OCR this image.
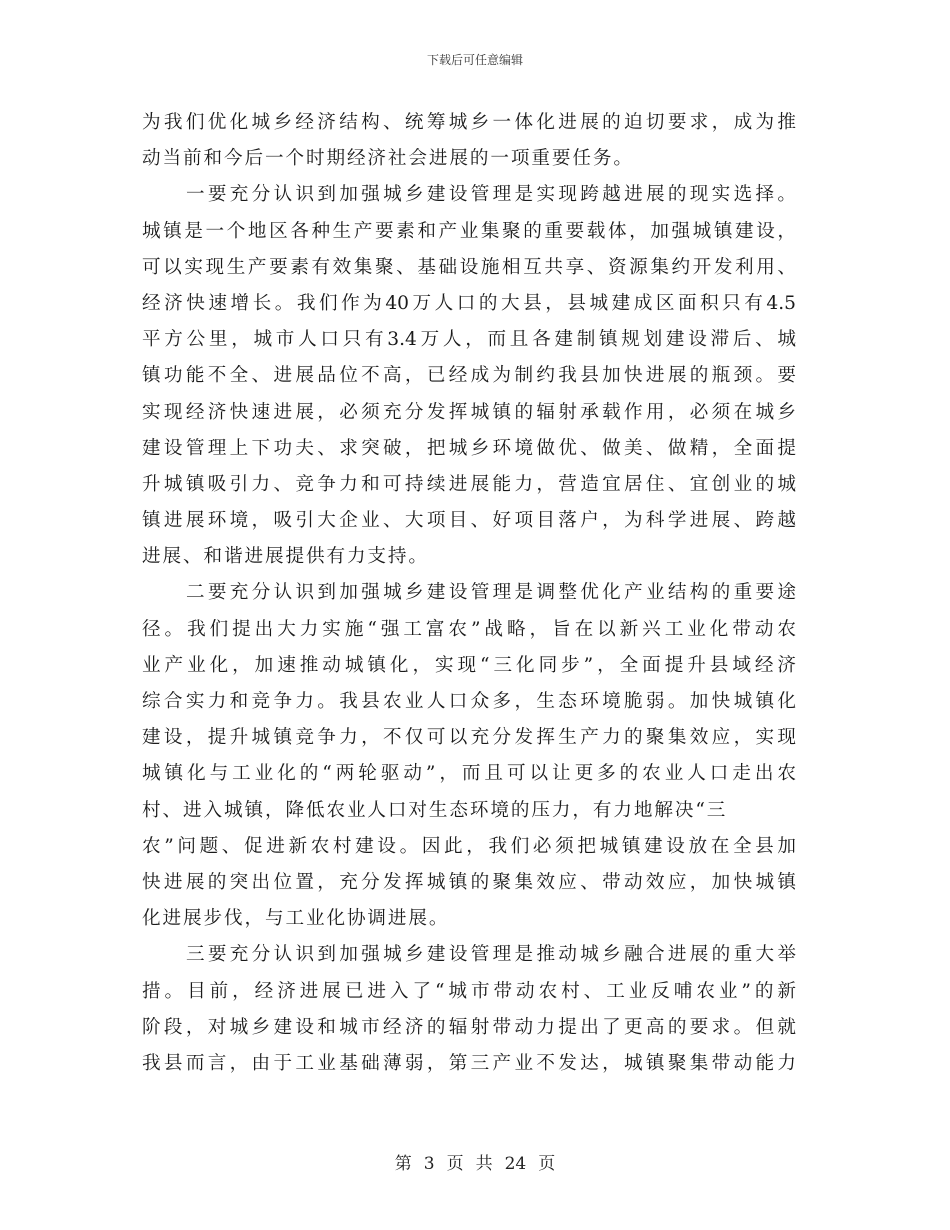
下载后可任意编辑
为我们优化城乡经济结构、统筹城乡一体化进展的迫切要求，成为推
动当前和今后一个时期经济社会进展的一项重要任务。
一要充分认识到加强城乡建设管理是实现跨越进展的现实选择。
城镇是一个地区各种生产要素和产业集聚的重要载体，加强城镇建设，
可以实现生产要素有效集聚、基础设施相互共享、资源集约开发利用、
经济快速增长。我们作为40万人口的大县，县城建成区面积只有4.5
平方公里，城市人口只有3.4万人，而且各建制镇规划建设滞后、城
镇功能不全、进展品位不高，已经成为制约我县加快进展的瓶颈。要
实现经济快速进展，必须充分发挥城镇的辐射承载作用，必须在城乡
建设管理上下功夫、求突破，把城乡环境做优、做美、做精，全面提
升城镇吸引力、竞争力和可持续进展能力，营造宜居住、宜创业的城
镇进展环境，吸引大企业、大项目、好项目落户，为科学进展、跨越
进展、和谐进展提供有力支持。
二要充分认识到加强城乡建设管理是调整优化产业结构的重要途
径。我们提出大力实施“强工富农”战略，旨在以新兴工业化带动农
业产业化，加速推动城镇化，实现“三化同步”，全面提升县域经济
综合实力和竞争力。我县农业人口众多，生态环境脆弱。加快城镇化
建设，提升城镇竞争力，不仅可以充分发挥生产力的聚集效应，实现
城镇化与工业化的“两轮驱动”，而且可以让更多的农业人口走出农
村、进入城镇，降低农业人口对生态环境的压力，有力地解决“三
农”问题、促进新农村建设。因此，我们必须把城镇建设放在全县加
快进展的突出位置，充分发挥城镇的聚集效应、带动效应，加快城镇
化进展步伐，与工业化协调进展。
三要充分认识到加强城乡建设管理是推动城乡融合进展的重大举
措。目前，经济进展已进入了“城市带动农村、工业反哺农业”的新
阶段，对城乡建设和城市经济的辐射带动力提出了更高的要求。但就
我县而言，由于工业基础薄弱，第三产业不发达，城镇聚集带动能力
第 3 页 共 24 页
